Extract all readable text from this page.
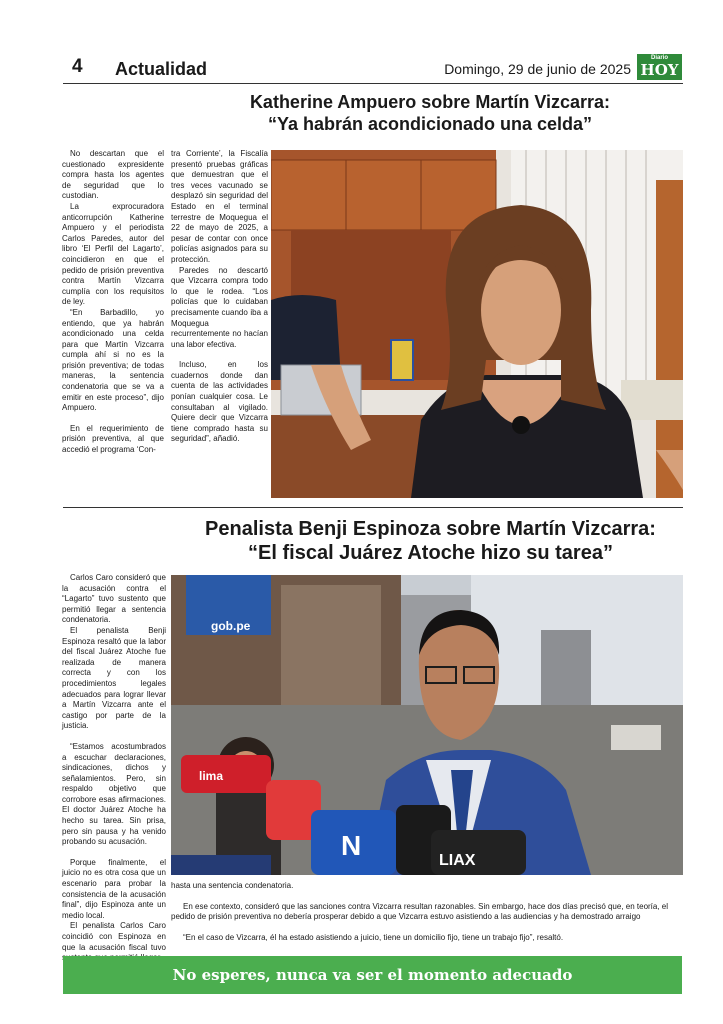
4 Actualidad	Domingo, 29 de junio de 2025
Diario
HOY
Katherine Ampuero sobre Martín Vizcarra:
“Ya habrán acondicionado una celda”

No descartan que el cuestionado expresidente compra hasta los agentes de seguridad que lo custodian.

La exprocuradora anticorrupción Katherine Ampuero y el periodista Carlos Paredes, autor del libro ‘El Perfil del Lagarto’, coincidieron en que el pedido de prisión preventiva contra Martín Vizcarra cumplía con los requisitos de ley.

“En Barbadillo, yo entiendo, que ya habrán acondicionado una celda para que Martín Vizcarra cumpla ahí si no es la prisión preventiva; de todas maneras, la sentencia condenatoria que se va a emitir en este proceso”, dijo Ampuero.

En el requerimiento de prisión preventiva, al que accedió el programa ‘Con-

tra Corriente’, la Fiscalía presentó pruebas gráficas que demuestran que el tres veces vacunado se desplazó sin seguridad del Estado en el terminal terrestre de Moquegua el 22 de mayo de 2025, a pesar de contar con once policías asignados para su protección.

Paredes no descartó que Vizcarra compra todo lo que le rodea. “Los policías que lo cuidaban precisamente cuando iba a Moquegua recurrentemente no hacían una labor efectiva.

Incluso, en los cuadernos donde dan cuenta de las actividades ponían cualquier cosa. Le consultaban al vigilado. Quiere decir que Vizcarra tiene comprado hasta su seguridad”, añadió.

Penalista Benji Espinoza sobre Martín Vizcarra:
“El fiscal Juárez Atoche hizo su tarea”

Carlos Caro consideró que la acusación contra el “Lagarto” tuvo sustento que permitió llegar a sentencia condenatoria.

El penalista Benji Espinoza resaltó que la labor del fiscal Juárez Atoche fue realizada de manera correcta y con los procedimientos legales adecuados para lograr llevar a Martín Vizcarra ante el castigo por parte de la justicia.

“Estamos acostumbrados a escuchar declaraciones, sindicaciones, dichos y señalamientos. Pero, sin respaldo objetivo que corrobore esas afirmaciones. El doctor Juárez Atoche ha hecho su tarea. Sin prisa, pero sin pausa y ha venido probando su acusación.

Porque finalmente, el juicio no es otra cosa que un escenario para probar la consistencia de la acusación final”, dijo Espinoza ante un medio local.

El penalista Carlos Caro coincidió con Espinoza en que la acusación fiscal tuvo

gob.pe
lima
N	LIAX

hasta una sentencia condenatoria.

En ese contexto, consideró que las sanciones contra Vizcarra resultan razonables. Sin embargo, hace dos días precisó que, en teoría, el pedido de prisión preventiva no debería prosperar debido a que Vizcarra estuvo asistiendo a las audiencias y ha demostrado arraigo

“En el caso de Vizcarra, él ha estado asistiendo a juicio, tiene un domicilio fijo, tiene un trabajo fijo”, resaltó.

No esperes, nunca va ser el momento adecuado
